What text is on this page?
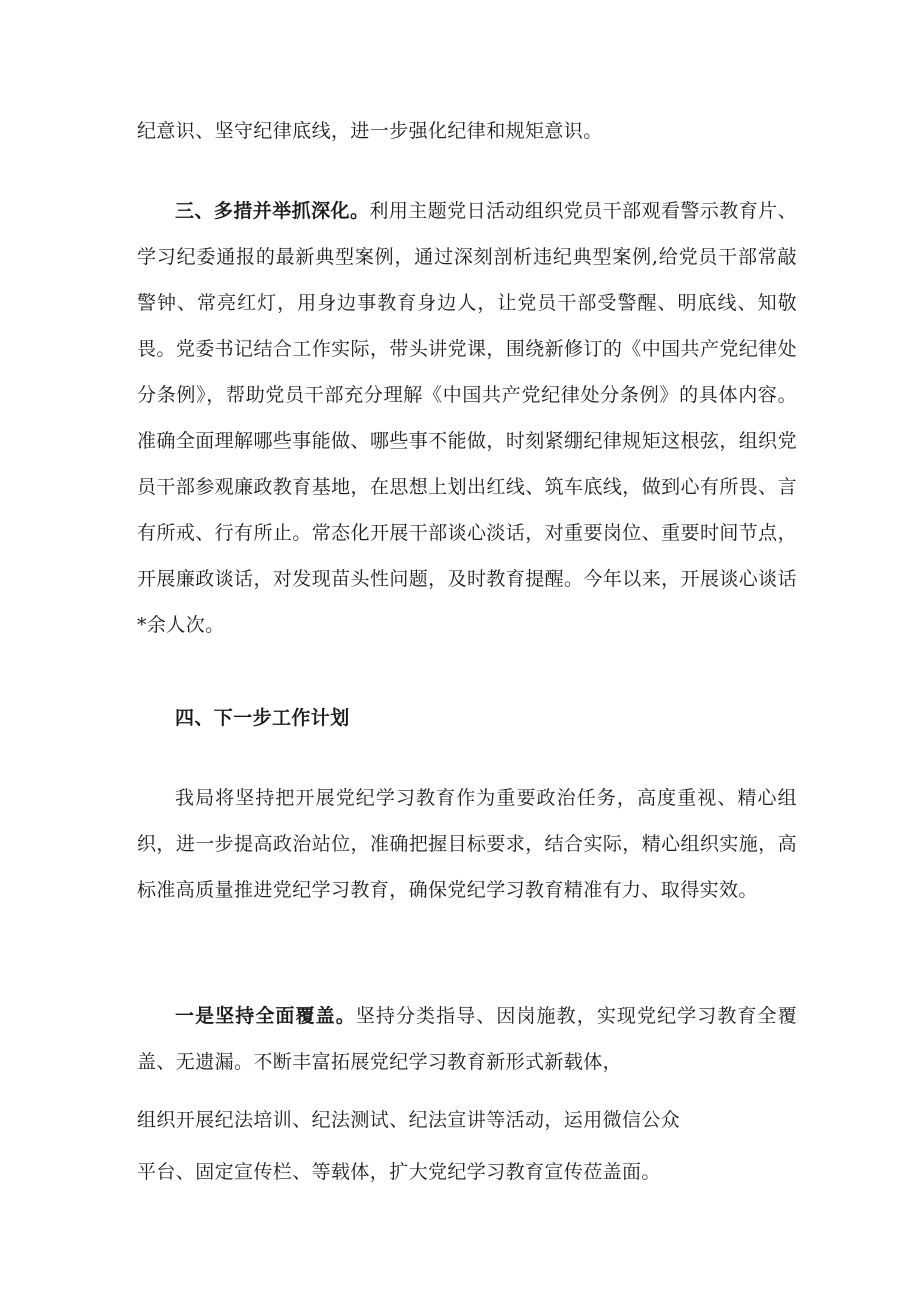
纪意识、坚守纪律底线，进一步强化纪律和规矩意识。
三、多措并举抓深化。利用主题党日活动组织党员干部观看警示教育片、学习纪委通报的最新典型案例，通过深刻剖析违纪典型案例,给党员干部常敲警钟、常亮红灯，用身边事教育身边人，让党员干部受警醒、明底线、知敬畏。党委书记结合工作实际，带头讲党课，围绕新修订的《中国共产党纪律处分条例》，帮助党员干部充分理解《中国共产党纪律处分条例》的具体内容。准确全面理解哪些事能做、哪些事不能做，时刻紧绷纪律规矩这根弦，组织党员干部参观廉政教育基地，在思想上划出红线、筑车底线，做到心有所畏、言有所戒、行有所止。常态化开展干部谈心淡话，对重要岗位、重要时间节点，开展廉政谈话，对发现苗头性问题，及时教育提醒。今年以来，开展谈心谈话*余人次。
四、下一步工作计划
我局将坚持把开展党纪学习教育作为重要政治任务，高度重视、精心组织，进一步提高政治站位，准确把握目标要求，结合实际，精心组织实施，高标准高质量推进党纪学习教育，确保党纪学习教育精准有力、取得实效。
一是坚持全面覆盖。坚持分类指导、因岗施教，实现党纪学习教育全覆盖、无遗漏。不断丰富拓展党纪学习教育新形式新载体，
组织开展纪法培训、纪法测试、纪法宣讲等活动，运用微信公众
平台、固定宣传栏、等载体，扩大党纪学习教育宣传莅盖面。
